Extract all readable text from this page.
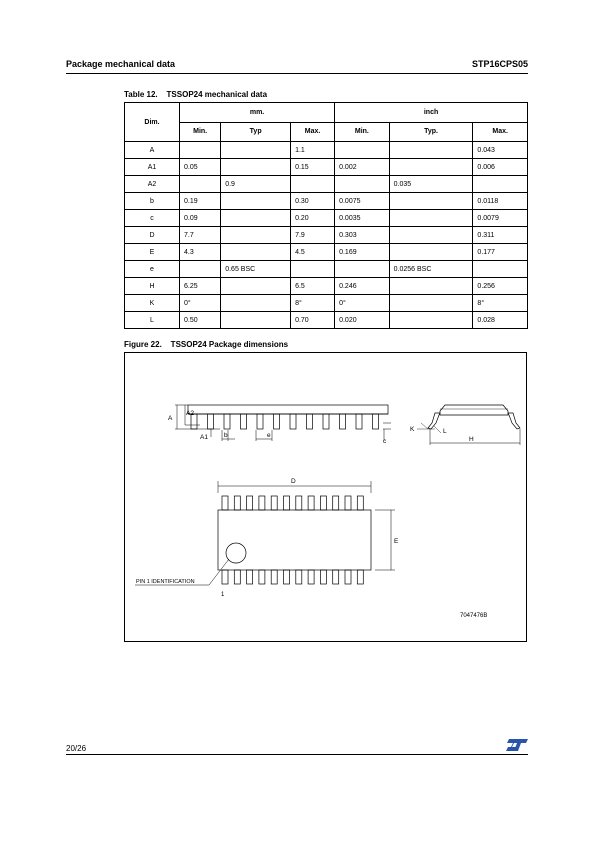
Package mechanical data	STP16CPS05
Table 12.    TSSOP24 mechanical data
Dim.	mm.			inch		
	Min.	Typ	Max.	Min.	Typ.	Max.
A			1.1			0.043
A1	0.05		0.15	0.002		0.006
A2		0.9			0.035	
b	0.19		0.30	0.0075		0.0118
c	0.09		0.20	0.0035		0.0079
D	7.7		7.9	0.303		0.311
E	4.3		4.5	0.169		0.177
e		0.65 BSC			0.0256 BSC	
H	6.25		6.5	0.246		0.256
K	0°		8°	0°		8°
L	0.50		0.70	0.020		0.028
Figure 22.    TSSOP24 Package dimensions
A
A2
A1 b	e
c	H
K	L
D
E
PIN 1 IDENTIFICATION
1
7047476B
20/26
